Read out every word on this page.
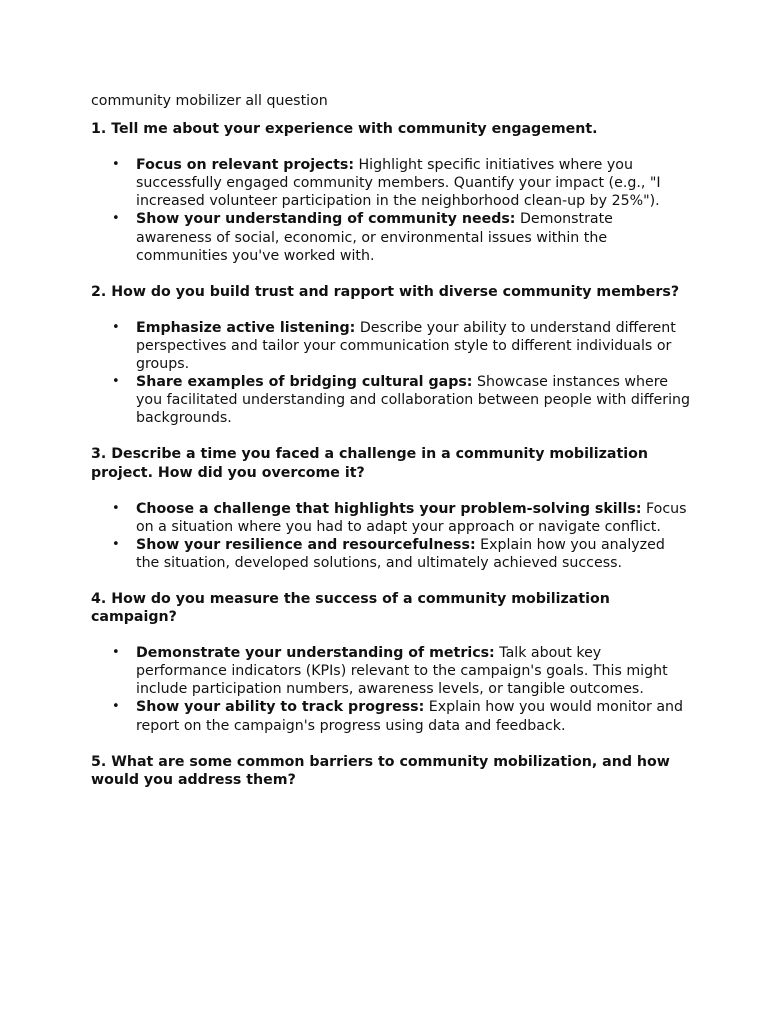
community mobilizer all question

1. Tell me about your experience with community engagement.

• Focus on relevant projects: Highlight specific initiatives where you successfully engaged community members. Quantify your impact (e.g., "I increased volunteer participation in the neighborhood clean-up by 25%").
• Show your understanding of community needs: Demonstrate awareness of social, economic, or environmental issues within the communities you've worked with.

2. How do you build trust and rapport with diverse community members?

• Emphasize active listening: Describe your ability to understand different perspectives and tailor your communication style to different individuals or groups.
• Share examples of bridging cultural gaps: Showcase instances where you facilitated understanding and collaboration between people with differing backgrounds.

3. Describe a time you faced a challenge in a community mobilization project. How did you overcome it?

• Choose a challenge that highlights your problem-solving skills: Focus on a situation where you had to adapt your approach or navigate conflict.
• Show your resilience and resourcefulness: Explain how you analyzed the situation, developed solutions, and ultimately achieved success.

4. How do you measure the success of a community mobilization campaign?

• Demonstrate your understanding of metrics: Talk about key performance indicators (KPIs) relevant to the campaign's goals. This might include participation numbers, awareness levels, or tangible outcomes.
• Show your ability to track progress: Explain how you would monitor and report on the campaign's progress using data and feedback.

5. What are some common barriers to community mobilization, and how would you address them?
